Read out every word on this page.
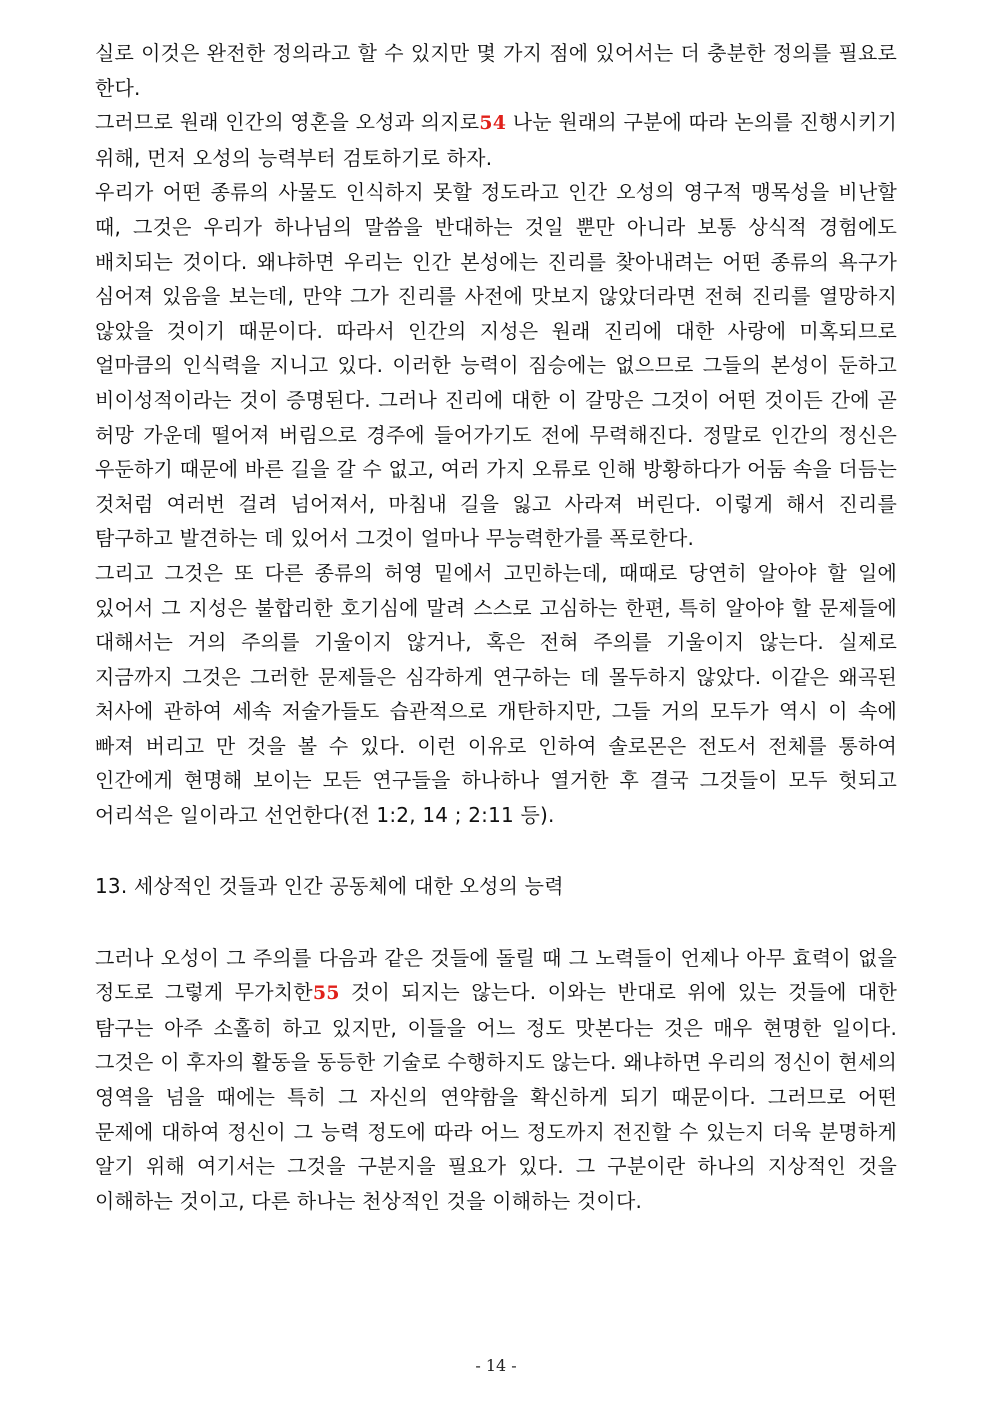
실로 이것은 완전한 정의라고 할 수 있지만 몇 가지 점에 있어서는 더 충분한 정의를 필요로 한다.

그러므로 원래 인간의 영혼을 오성과 의지로54 나눈 원래의 구분에 따라 논의를 진행시키기 위해, 먼저 오성의 능력부터 검토하기로 하자.

우리가 어떤 종류의 사물도 인식하지 못할 정도라고 인간 오성의 영구적 맹목성을 비난할 때, 그것은 우리가 하나님의 말씀을 반대하는 것일 뿐만 아니라 보통 상식적 경험에도 배치되는 것이다. 왜냐하면 우리는 인간 본성에는 진리를 찾아내려는 어떤 종류의 욕구가 심어져 있음을 보는데, 만약 그가 진리를 사전에 맛보지 않았더라면 전혀 진리를 열망하지 않았을 것이기 때문이다. 따라서 인간의 지성은 원래 진리에 대한 사랑에 미혹되므로 얼마큼의 인식력을 지니고 있다. 이러한 능력이 짐승에는 없으므로 그들의 본성이 둔하고 비이성적이라는 것이 증명된다. 그러나 진리에 대한 이 갈망은 그것이 어떤 것이든 간에 곧 허망 가운데 떨어져 버림으로 경주에 들어가기도 전에 무력해진다. 정말로 인간의 정신은 우둔하기 때문에 바른 길을 갈 수 없고, 여러 가지 오류로 인해 방황하다가 어둠 속을 더듬는 것처럼 여러번 걸려 넘어져서, 마침내 길을 잃고 사라져 버린다. 이렇게 해서 진리를 탐구하고 발견하는 데 있어서 그것이 얼마나 무능력한가를 폭로한다.

그리고 그것은 또 다른 종류의 허영 밑에서 고민하는데, 때때로 당연히 알아야 할 일에 있어서 그 지성은 불합리한 호기심에 말려 스스로 고심하는 한편, 특히 알아야 할 문제들에 대해서는 거의 주의를 기울이지 않거나, 혹은 전혀 주의를 기울이지 않는다. 실제로 지금까지 그것은 그러한 문제들은 심각하게 연구하는 데 몰두하지 않았다. 이같은 왜곡된 처사에 관하여 세속 저술가들도 습관적으로 개탄하지만, 그들 거의 모두가 역시 이 속에 빠져 버리고 만 것을 볼 수 있다. 이런 이유로 인하여 솔로몬은 전도서 전체를 통하여 인간에게 현명해 보이는 모든 연구들을 하나하나 열거한 후 결국 그것들이 모두 헛되고 어리석은 일이라고 선언한다(전 1:2, 14 ; 2:11 등).

13. 세상적인 것들과 인간 공동체에 대한 오성의 능력

그러나 오성이 그 주의를 다음과 같은 것들에 돌릴 때 그 노력들이 언제나 아무 효력이 없을 정도로 그렇게 무가치한55 것이 되지는 않는다. 이와는 반대로 위에 있는 것들에 대한 탐구는 아주 소홀히 하고 있지만, 이들을 어느 정도 맛본다는 것은 매우 현명한 일이다. 그것은 이 후자의 활동을 동등한 기술로 수행하지도 않는다. 왜냐하면 우리의 정신이 현세의 영역을 넘을 때에는 특히 그 자신의 연약함을 확신하게 되기 때문이다. 그러므로 어떤 문제에 대하여 정신이 그 능력 정도에 따라 어느 정도까지 전진할 수 있는지 더욱 분명하게 알기 위해 여기서는 그것을 구분지을 필요가 있다. 그 구분이란 하나의 지상적인 것을 이해하는 것이고, 다른 하나는 천상적인 것을 이해하는 것이다.

- 14 -
